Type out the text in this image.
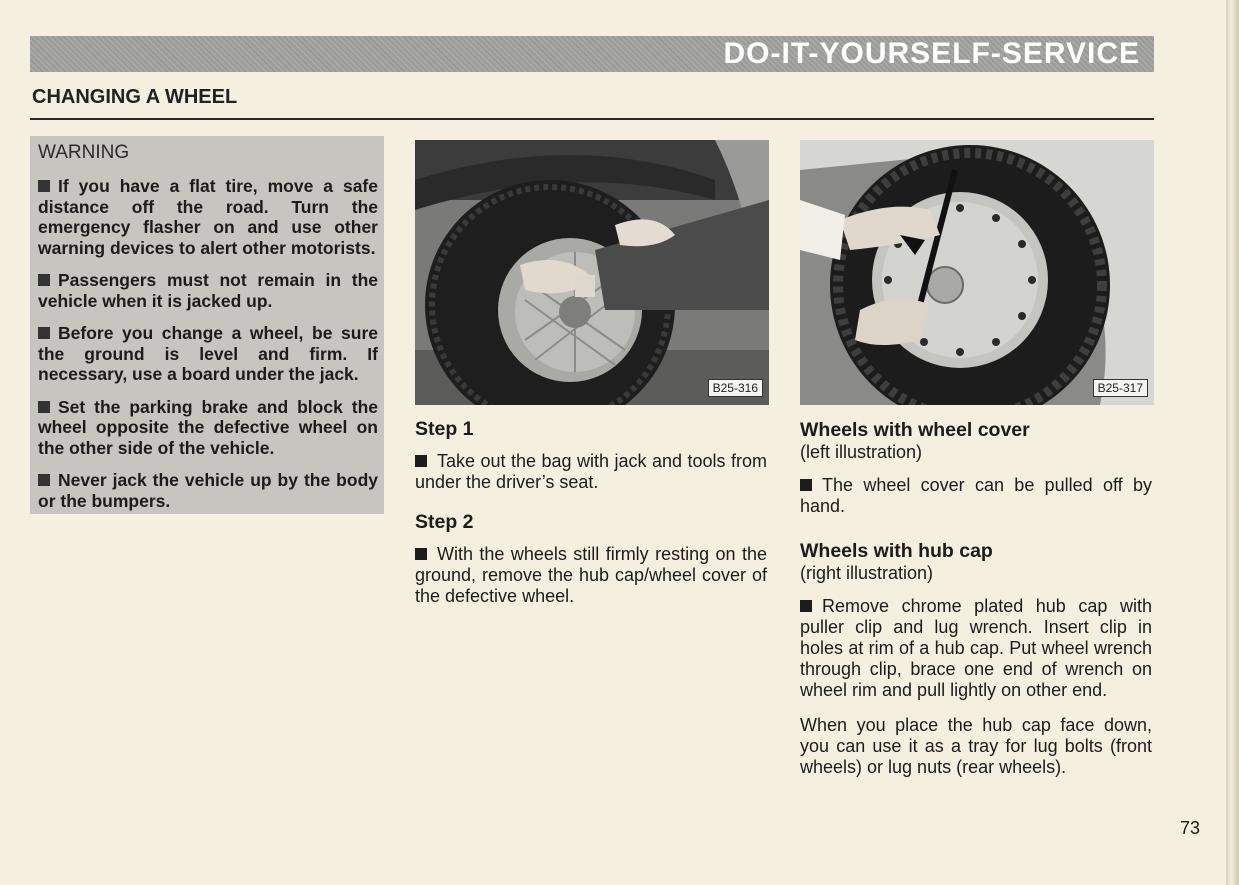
DO-IT-YOURSELF-SERVICE
CHANGING A WHEEL
WARNING

If you have a flat tire, move a safe distance off the road. Turn the emergency flasher on and use other warning devices to alert other motorists.

Passengers must not remain in the vehicle when it is jacked up.

Before you change a wheel, be sure the ground is level and firm. If necessary, use a board under the jack.

Set the parking brake and block the wheel opposite the defective wheel on the other side of the vehicle.

Never jack the vehicle up by the body or the bumpers.

B25-316	B25-317
Step 1

Take out the bag with jack and tools from under the driver’s seat.

Step 2

With the wheels still firmly resting on the ground, remove the hub cap/wheel cover of the defective wheel.

Wheels with wheel cover
(left illustration)

The wheel cover can be pulled off by hand.

Wheels with hub cap
(right illustration)

Remove chrome plated hub cap with puller clip and lug wrench. Insert clip in holes at rim of a hub cap. Put wheel wrench through clip, brace one end of wrench on wheel rim and pull lightly on other end.

When you place the hub cap face down, you can use it as a tray for lug bolts (front wheels) or lug nuts (rear wheels).

73
